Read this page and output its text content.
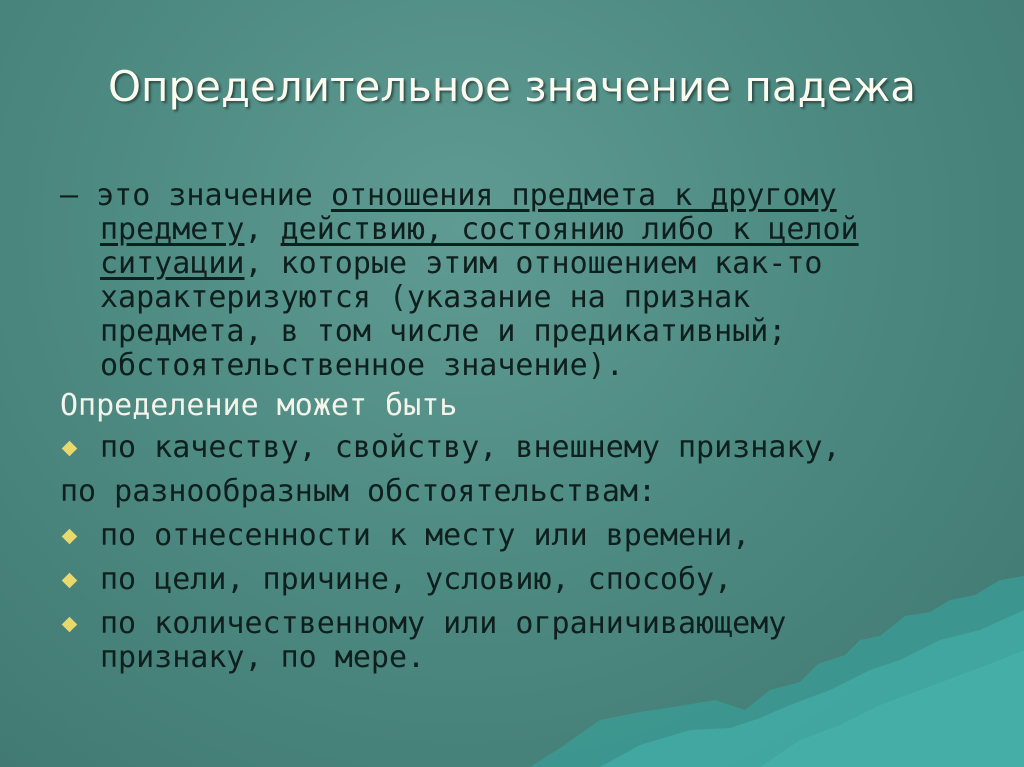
Определительное значение падежа
– это значение отношения предмета к другому
предмету, действию, состоянию либо к целой
ситуации, которые этим отношением как-то
характеризуются (указание на признак
предмета, в том числе и предикативный;
обстоятельственное значение).
Определение может быть
по качеству, свойству, внешнему признаку,
по разнообразным обстоятельствам:
по отнесенности к месту или времени,
по цели, причине, условию, способу,
по количественному или ограничивающему
признаку, по мере.
